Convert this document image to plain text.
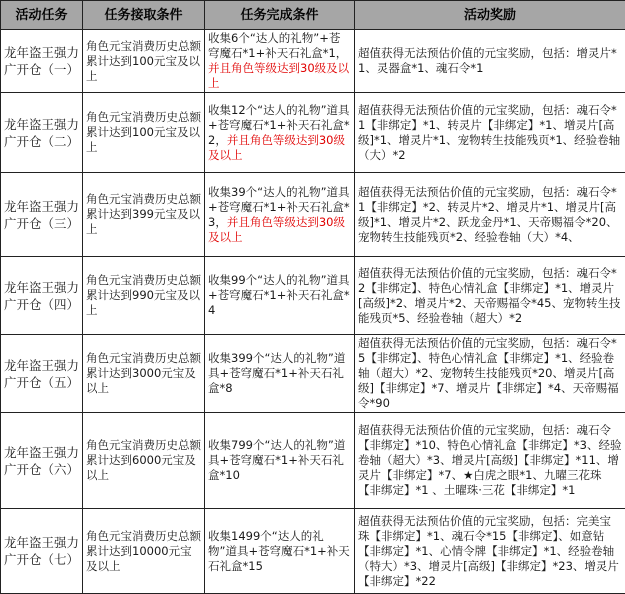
活动任务	任务接取条件	任务完成条件	活动奖励
龙年盗王强力广开仓（一）	角色元宝消费历史总额累计达到100元宝及以上	收集6个“达人的礼物”+苍穹魔石*1+补天石礼盒*1，并且角色等级达到30级及以上	超值获得无法预估价值的元宝奖励，包括：增灵片*1、灵器盒*1、魂石令*1
龙年盗王强力广开仓（二）	角色元宝消费历史总额累计达到100元宝及以上	收集12个“达人的礼物”道具+苍穹魔石*1+补天石礼盒*2，并且角色等级达到30级及以上	超值获得无法预估价值的元宝奖励，包括：魂石令*1【非绑定】*1、转灵片【非绑定】*1、增灵片[高级]*1、增灵片*1、宠物转生技能残页*1、经验卷轴（大）*2
龙年盗王强力广开仓（三）	角色元宝消费历史总额累计达到399元宝及以上	收集39个“达人的礼物”道具+苍穹魔石*1+补天石礼盒*3，并且角色等级达到30级及以上	超值获得无法预估价值的元宝奖励，包括：魂石令*1【非绑定】*2、转灵片*2、增灵片*1、增灵片[高级]*1、增灵片*2、跃龙金丹*1、天帝赐福令*20、宠物转生技能残页*2、经验卷轴（大）*4、
龙年盗王强力广开仓（四）	角色元宝消费历史总额累计达到990元宝及以上	收集99个“达人的礼物”道具+苍穹魔石*1+补天石礼盒*4	超值获得无法预估价值的元宝奖励，包括：魂石令*2【非绑定】、特色心情礼盒【非绑定】*1、增灵片[高级]*2、增灵片*2、天帝赐福令*45、宠物转生技能残页*5、经验卷轴（超大）*2
龙年盗王强力广开仓（五）	角色元宝消费历史总额累计达到3000元宝及以上	收集399个“达人的礼物”道具+苍穹魔石*1+补天石礼盒*8	超值获得无法预估价值的元宝奖励，包括：魂石令*5【非绑定】、特色心情礼盒【非绑定】*1、经验卷轴（超大）*2、宠物转生技能残页*20、增灵片[高级]【非绑定】*7、增灵片【非绑定】*4、天帝赐福令*90
龙年盗王强力广开仓（六）	角色元宝消费历史总额累计达到6000元宝及以上	收集799个“达人的礼物”道具+苍穹魔石*1+补天石礼盒*10	超值获得无法预估价值的元宝奖励，包括：魂石令【非绑定】*10、特色心情礼盒【非绑定】*3、经验卷轴（超大）*3、增灵片[高级]【非绑定】*11、增灵片【非绑定】*7、★白虎之眼*1、九曜三花珠【非绑定】*1 、土曜珠·三花【非绑定】*1
龙年盗王强力广开仓（七）	角色元宝消费历史总额累计达到10000元宝及以上	收集1499个“达人的礼物”道具+苍穹魔石*1+补天石礼盒*15	超值获得无法预估价值的元宝奖励，包括：完美宝珠【非绑定】*1、魂石令*15【非绑定】、如意钻【非绑定】*1、心情令牌【非绑定】*1、经验卷轴（特大）*3、增灵片[高级]【非绑定】*23、增灵片【非绑定】*22
